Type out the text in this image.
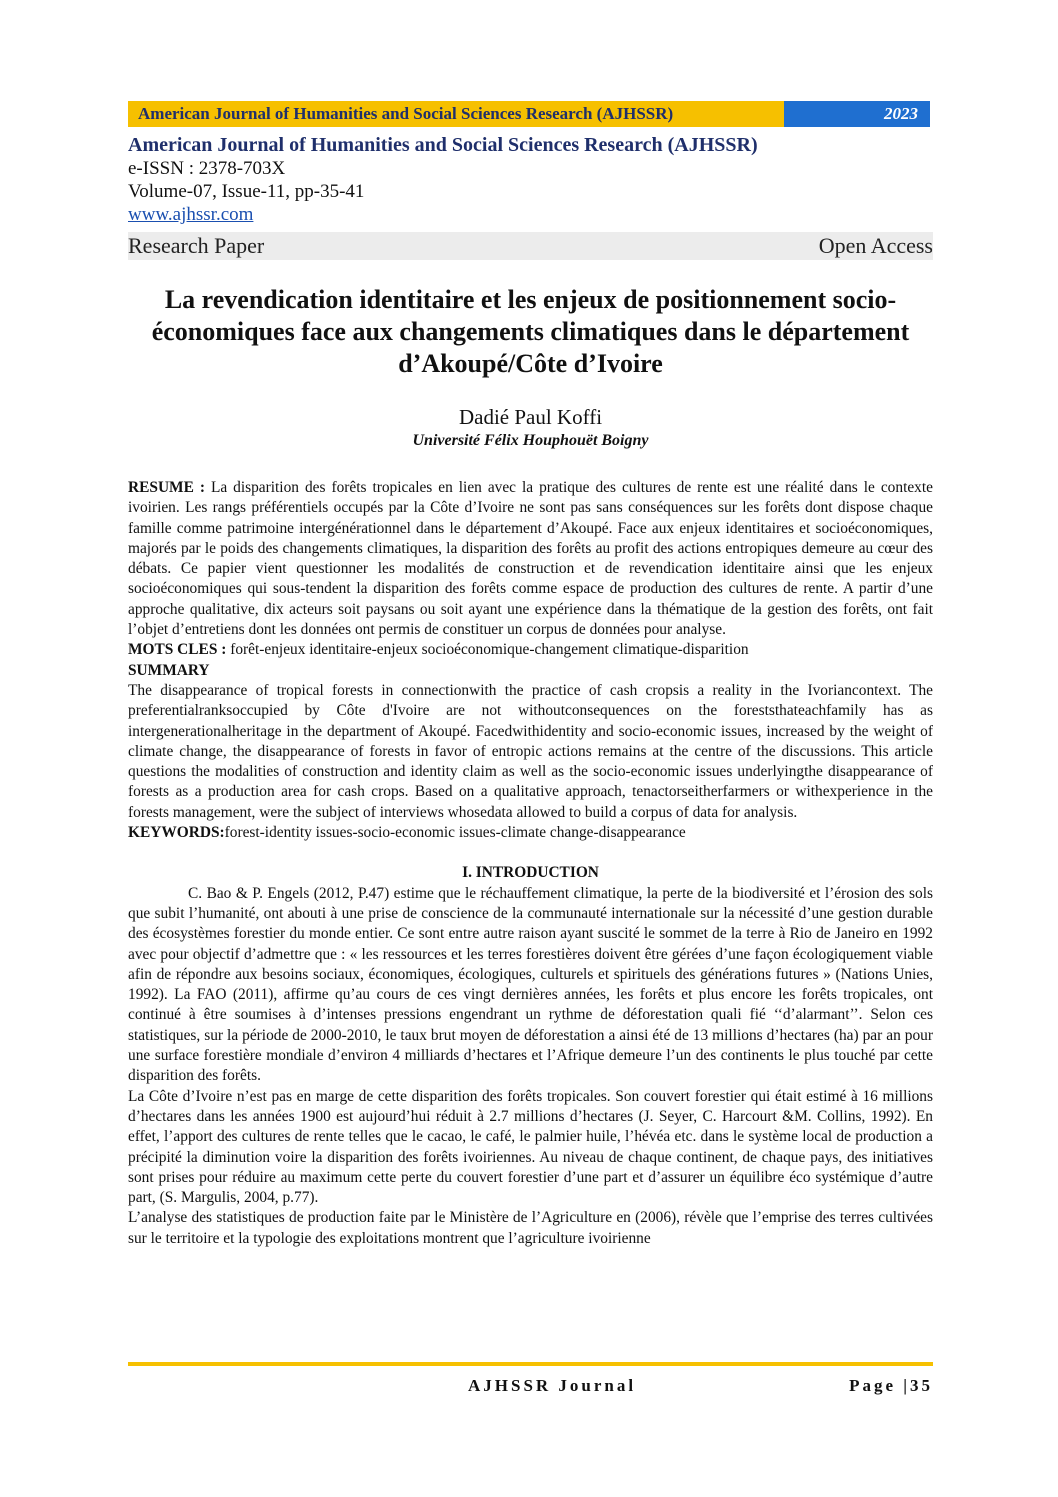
American Journal of Humanities and Social Sciences Research (AJHSSR)	2023
American Journal of Humanities and Social Sciences Research (AJHSSR)
e-ISSN : 2378-703X
Volume-07, Issue-11, pp-35-41
www.ajhssr.com
Research Paper	Open Access
La revendication identitaire et les enjeux de positionnement socio-économiques face aux changements climatiques dans le département d’Akoupé/Côte d’Ivoire
Dadié Paul Koffi
Université Félix Houphouët Boigny

RESUME : La disparition des forêts tropicales en lien avec la pratique des cultures de rente est une réalité dans le contexte ivoirien. Les rangs préférentiels occupés par la Côte d’Ivoire ne sont pas sans conséquences sur les forêts dont dispose chaque famille comme patrimoine intergénérationnel dans le département d’Akoupé. Face aux enjeux identitaires et socioéconomiques, majorés par le poids des changements climatiques, la disparition des forêts au profit des actions entropiques demeure au cœur des débats. Ce papier vient questionner les modalités de construction et de revendication identitaire ainsi que les enjeux socioéconomiques qui sous-tendent la disparition des forêts comme espace de production des cultures de rente. A partir d’une approche qualitative, dix acteurs soit paysans ou soit ayant une expérience dans la thématique de la gestion des forêts, ont fait l’objet d’entretiens dont les données ont permis de constituer un corpus de données pour analyse.

MOTS CLES : forêt-enjeux identitaire-enjeux socioéconomique-changement climatique-disparition

SUMMARY

The disappearance of tropical forests in connectionwith the practice of cash cropsis a reality in the Ivoriancontext. The preferentialranksoccupied by Côte d'Ivoire are not withoutconsequences on the foreststhateachfamily has as intergenerationalheritage in the department of Akoupé. Facedwithidentity and socio-economic issues, increased by the weight of climate change, the disappearance of forests in favor of entropic actions remains at the centre of the discussions. This article questions the modalities of construction and identity claim as well as the socio-economic issues underlyingthe disappearance of forests as a production area for cash crops. Based on a qualitative approach, tenactorseitherfarmers or withexperience in the forests management, were the subject of interviews whosedata allowed to build a corpus of data for analysis.

KEYWORDS:forest-identity issues-socio-economic issues-climate change-disappearance

I. INTRODUCTION

C. Bao & P. Engels (2012, P.47) estime que le réchauffement climatique, la perte de la biodiversité et l’érosion des sols que subit l’humanité, ont abouti à une prise de conscience de la communauté internationale sur la nécessité d’une gestion durable des écosystèmes forestier du monde entier. Ce sont entre autre raison ayant suscité le sommet de la terre à Rio de Janeiro en 1992 avec pour objectif d’admettre que : « les ressources et les terres forestières doivent être gérées d’une façon écologiquement viable afin de répondre aux besoins sociaux, économiques, écologiques, culturels et spirituels des générations futures » (Nations Unies, 1992). La FAO (2011), affirme qu’au cours de ces vingt dernières années, les forêts et plus encore les forêts tropicales, ont continué à être soumises à d’intenses pressions engendrant un rythme de déforestation quali fié ‘‘d’alarmant’’. Selon ces statistiques, sur la période de 2000-2010, le taux brut moyen de déforestation a ainsi été de 13 millions d’hectares (ha) par an pour une surface forestière mondiale d’environ 4 milliards d’hectares et l’Afrique demeure l’un des continents le plus touché par cette disparition des forêts.

La Côte d’Ivoire n’est pas en marge de cette disparition des forêts tropicales. Son couvert forestier qui était estimé à 16 millions d’hectares dans les années 1900 est aujourd’hui réduit à 2.7 millions d’hectares (J. Seyer, C. Harcourt &M. Collins, 1992). En effet, l’apport des cultures de rente telles que le cacao, le café, le palmier huile, l’hévéa etc. dans le système local de production a précipité la diminution voire la disparition des forêts ivoiriennes. Au niveau de chaque continent, de chaque pays, des initiatives sont prises pour réduire au maximum cette perte du couvert forestier d’une part et d’assurer un équilibre éco systémique d’autre part, (S. Margulis, 2004, p.77).

L’analyse des statistiques de production faite par le Ministère de l’Agriculture en (2006), révèle que l’emprise des terres cultivées sur le territoire et la typologie des exploitations montrent que l’agriculture ivoirienne

AJHSSR Journal	Page |35
